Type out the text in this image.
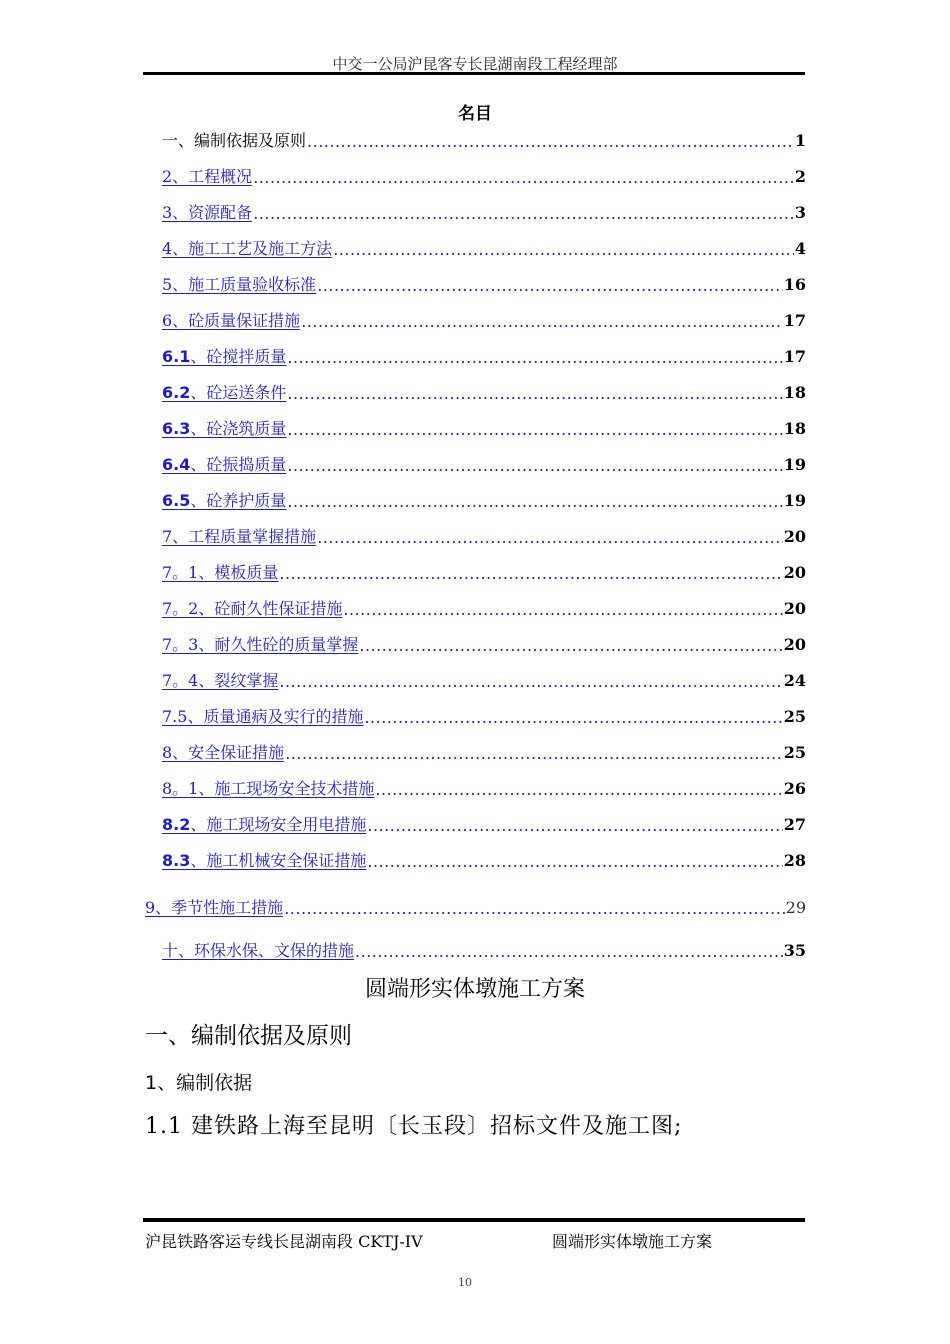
中交一公局沪昆客专长昆湖南段工程经理部
名目
一、编制依据及原则 .....	1
2、工程概况 .....	2
3、资源配备 .....	3
4、施工工艺及施工方法 .....	4
5、施工质量验收标准 .....	16
6、砼质量保证措施 .....	17
6.1、砼搅拌质量 .....	17
6.2、砼运送条件 .....	18
6.3、砼浇筑质量 .....	18
6.4、砼振捣质量 .....	19
6.5、砼养护质量 .....	19
7、工程质量掌握措施 .....	20
7。1、模板质量 .....	20
7。2、砼耐久性保证措施 .....	20
7。3、耐久性砼的质量掌握 .....	20
7。4、裂纹掌握 .....	24
7.5、质量通病及实行的措施 .....	25
8、安全保证措施 .....	25
8。1、施工现场安全技术措施 .....	26
8.2、施工现场安全用电措施 .....	27
8.3、施工机械安全保证措施 .....	28
9、季节性施工措施 .....	29
十、环保水保、文保的措施 .....	35
圆端形实体墩施工方案
一、编制依据及原则
1、编制依据
1.1 建铁路上海至昆明〔长玉段〕招标文件及施工图;
沪昆铁路客运专线长昆湖南段 CKTJ-IV	圆端形实体墩施工方案
10
